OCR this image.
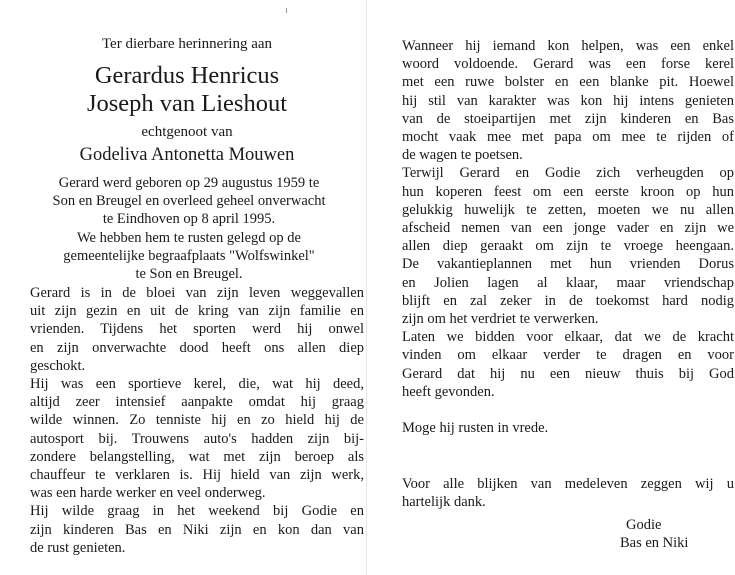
Ter dierbare herinnering aan
Gerardus Henricus
Joseph van Lieshout
echtgenoot van
Godeliva Antonetta Mouwen
Gerard werd geboren op 29 augustus 1959 te
Son en Breugel en overleed geheel onverwacht
te Eindhoven op 8 april 1995.
We hebben hem te rusten gelegd op de
gemeentelijke begraafplaats "Wolfswinkel"
te Son en Breugel.
Gerard is in de bloei van zijn leven weggevallen
uit zijn gezin en uit de kring van zijn familie en
vrienden. Tijdens het sporten werd hij onwel
en zijn onverwachte dood heeft ons allen diep
geschokt.
Hij was een sportieve kerel, die, wat hij deed,
altijd zeer intensief aanpakte omdat hij graag
wilde winnen. Zo tenniste hij en zo hield hij de
autosport bij. Trouwens auto's hadden zijn bij-
zondere belangstelling, wat met zijn beroep als
chauffeur te verklaren is. Hij hield van zijn werk,
was een harde werker en veel onderweg.
Hij wilde graag in het weekend bij Godie en
zijn kinderen Bas en Niki zijn en kon dan van
de rust genieten.
Wanneer hij iemand kon helpen, was een enkel
woord voldoende. Gerard was een forse kerel
met een ruwe bolster en een blanke pit. Hoewel
hij stil van karakter was kon hij intens genieten
van de stoeipartijen met zijn kinderen en Bas
mocht vaak mee met papa om mee te rijden of
de wagen te poetsen.
Terwijl Gerard en Godie zich verheugden op
hun koperen feest om een eerste kroon op hun
gelukkig huwelijk te zetten, moeten we nu allen
afscheid nemen van een jonge vader en zijn we
allen diep geraakt om zijn te vroege heengaan.
De vakantieplannen met hun vrienden Dorus
en Jolien lagen al klaar, maar vriendschap
blijft en zal zeker in de toekomst hard nodig
zijn om het verdriet te verwerken.
Laten we bidden voor elkaar, dat we de kracht
vinden om elkaar verder te dragen en voor
Gerard dat hij nu een nieuw thuis bij God
heeft gevonden.

Moge hij rusten in vrede.
Voor alle blijken van medeleven zeggen wij u
hartelijk dank.
Godie
Bas en Niki
